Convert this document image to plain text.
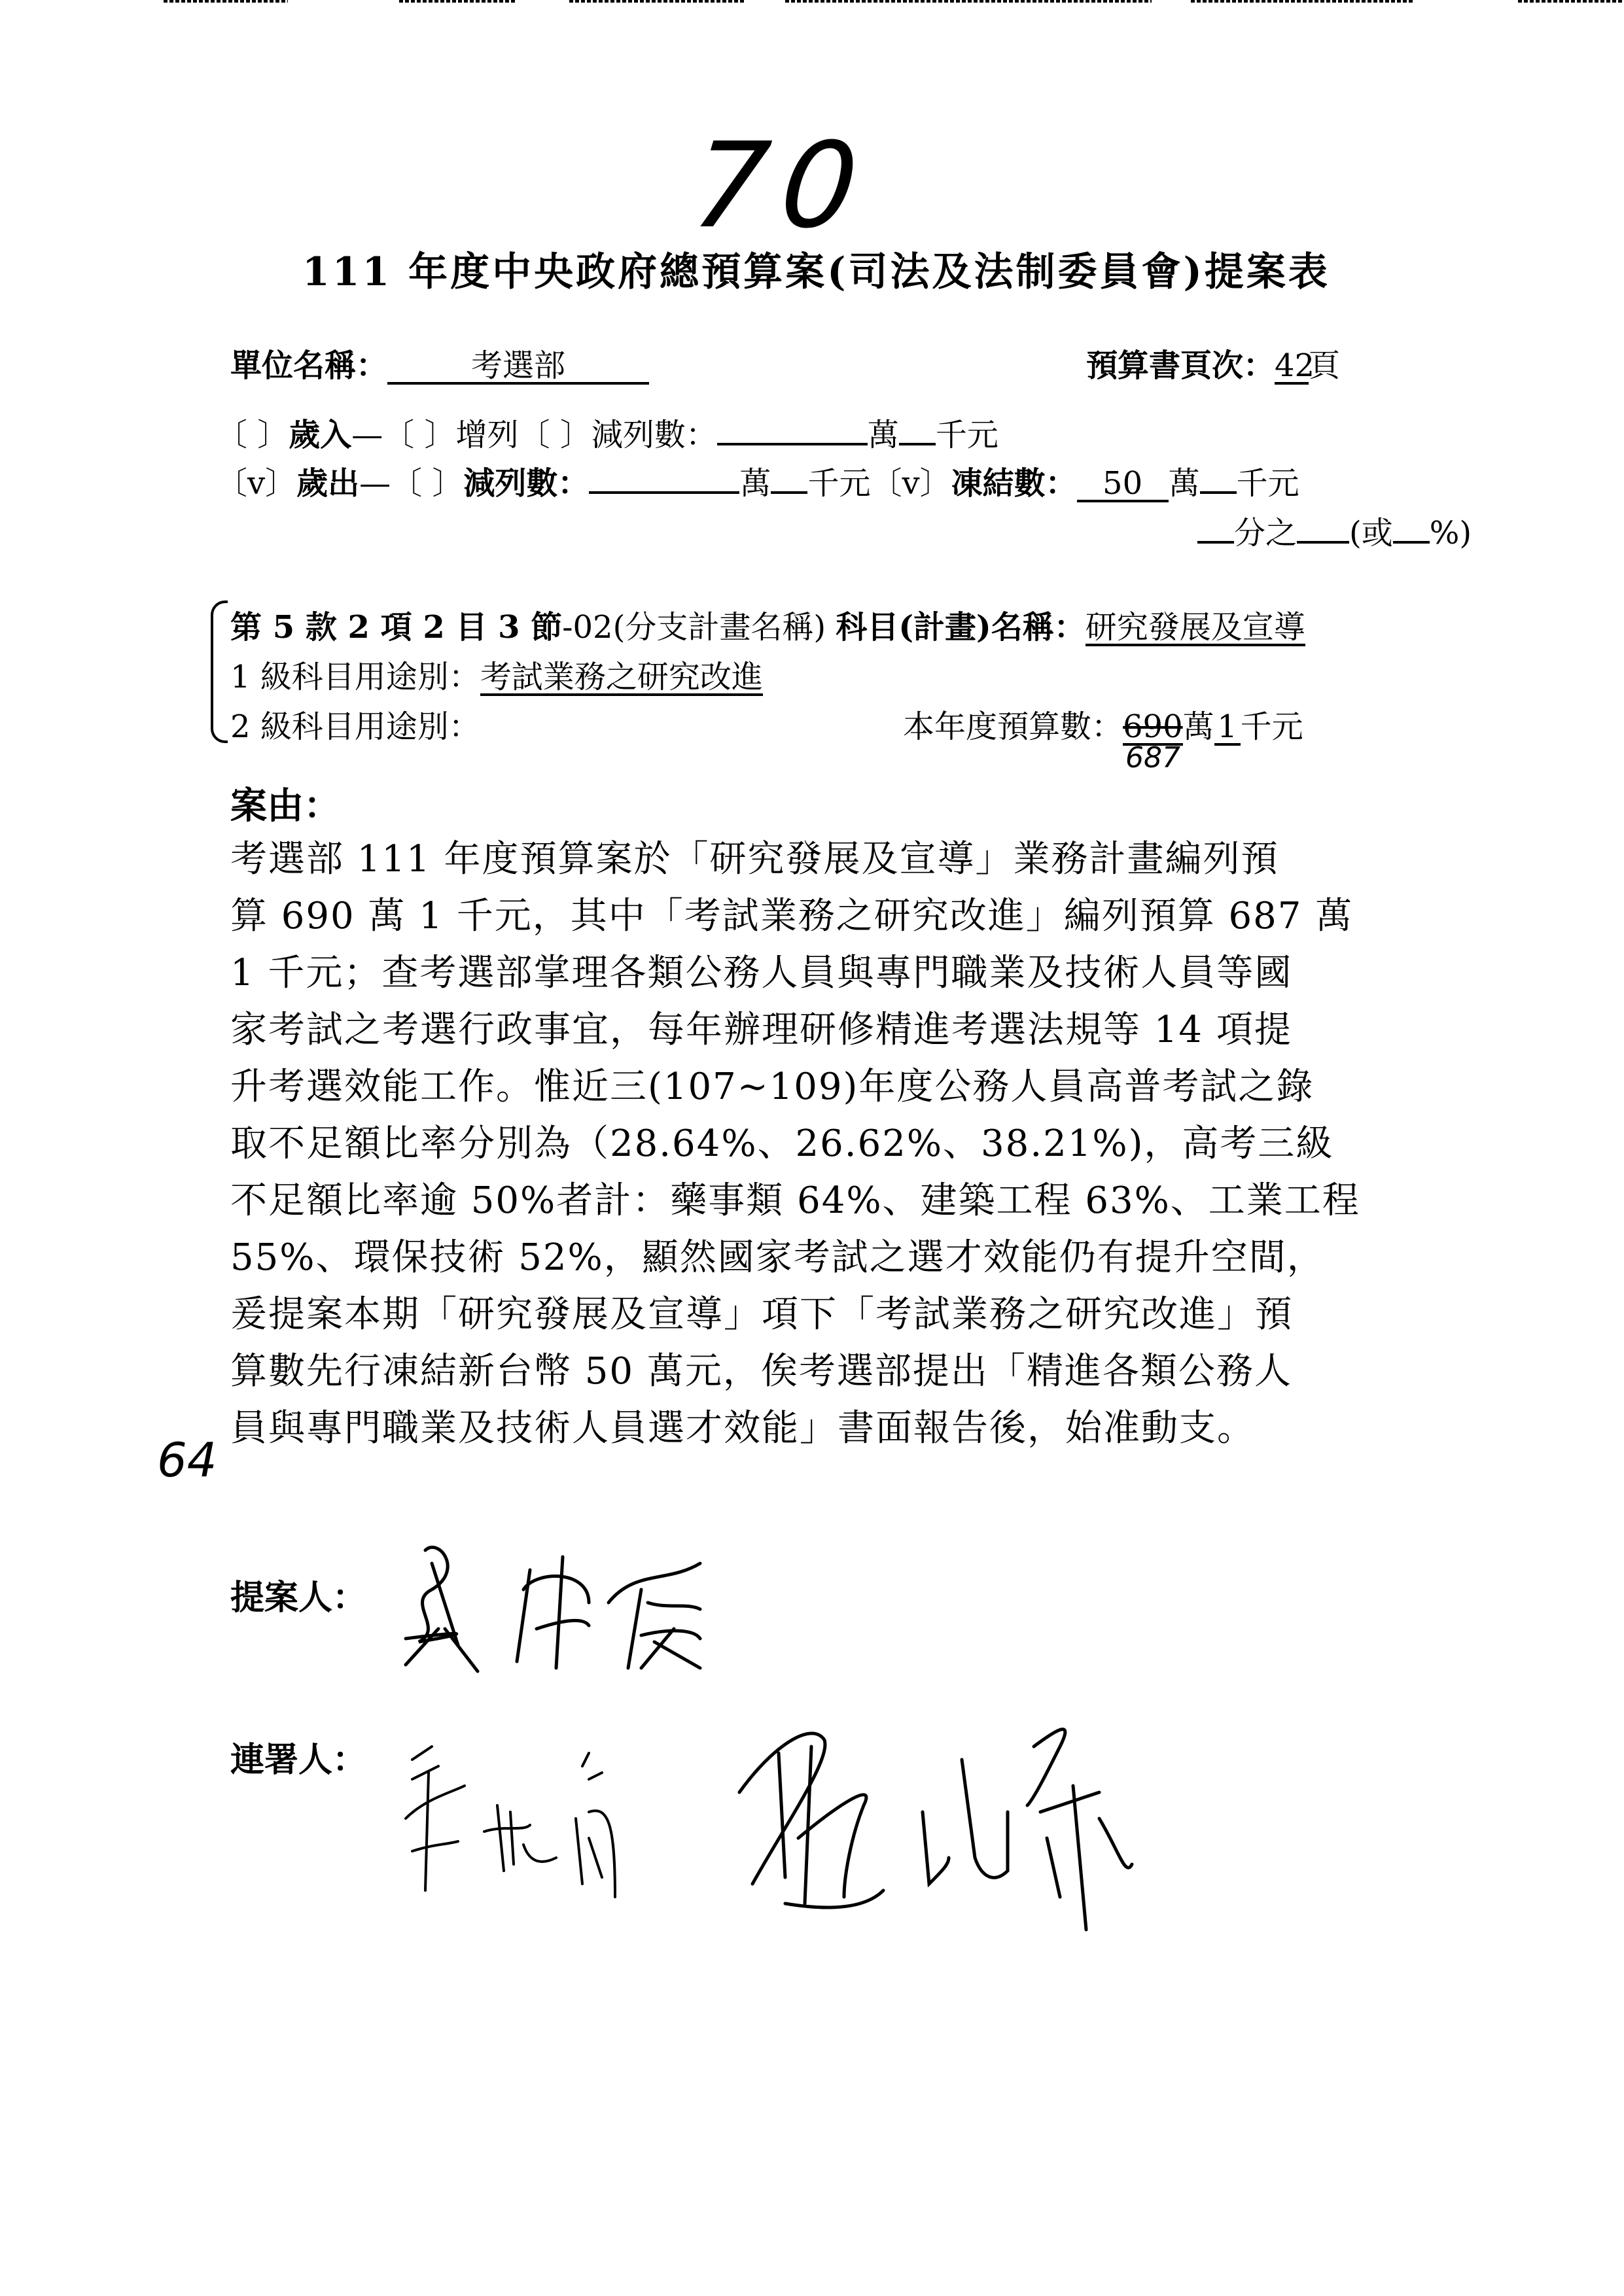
70
111 年度中央政府總預算案(司法及法制委員會)提案表
單位名稱：	考選部	預算書頁次：42頁
〔 〕歲入—〔 〕增列〔 〕減列數：	萬 千元
〔v〕歲出—〔 〕減列數：	萬 千元〔v〕凍結數： 50 萬 千元
分之 (或 %)
第 5 款 2 項 2 目 3 節-02(分支計畫名稱) 科目(計畫)名稱：研究發展及宣導
1 級科目用途別：考試業務之研究改進
2 級科目用途別：	本年度預算數：$\frac{690}{687}$ 萬1千元
案由：
考選部 111 年度預算案於「研究發展及宣導」業務計畫編列預
算 690 萬 1 千元，其中「考試業務之研究改進」編列預算 687 萬
1 千元；查考選部掌理各類公務人員與專門職業及技術人員等國
家考試之考選行政事宜，每年辦理研修精進考選法規等 14 項提
升考選效能工作。惟近三(107~109)年度公務人員高普考試之錄
取不足額比率分別為（28.64%、26.62%、38.21%)，高考三級
不足額比率逾 50%者計：藥事類 64%、建築工程 63%、工業工程
55%、環保技術 52%，顯然國家考試之選才效能仍有提升空間，
爰提案本期「研究發展及宣導」項下「考試業務之研究改進」預
算數先行凍結新台幣 50 萬元，俟考選部提出「精進各類公務人
員與專門職業及技術人員選才效能」書面報告後，始准動支。
64
提案人：
連署人：
